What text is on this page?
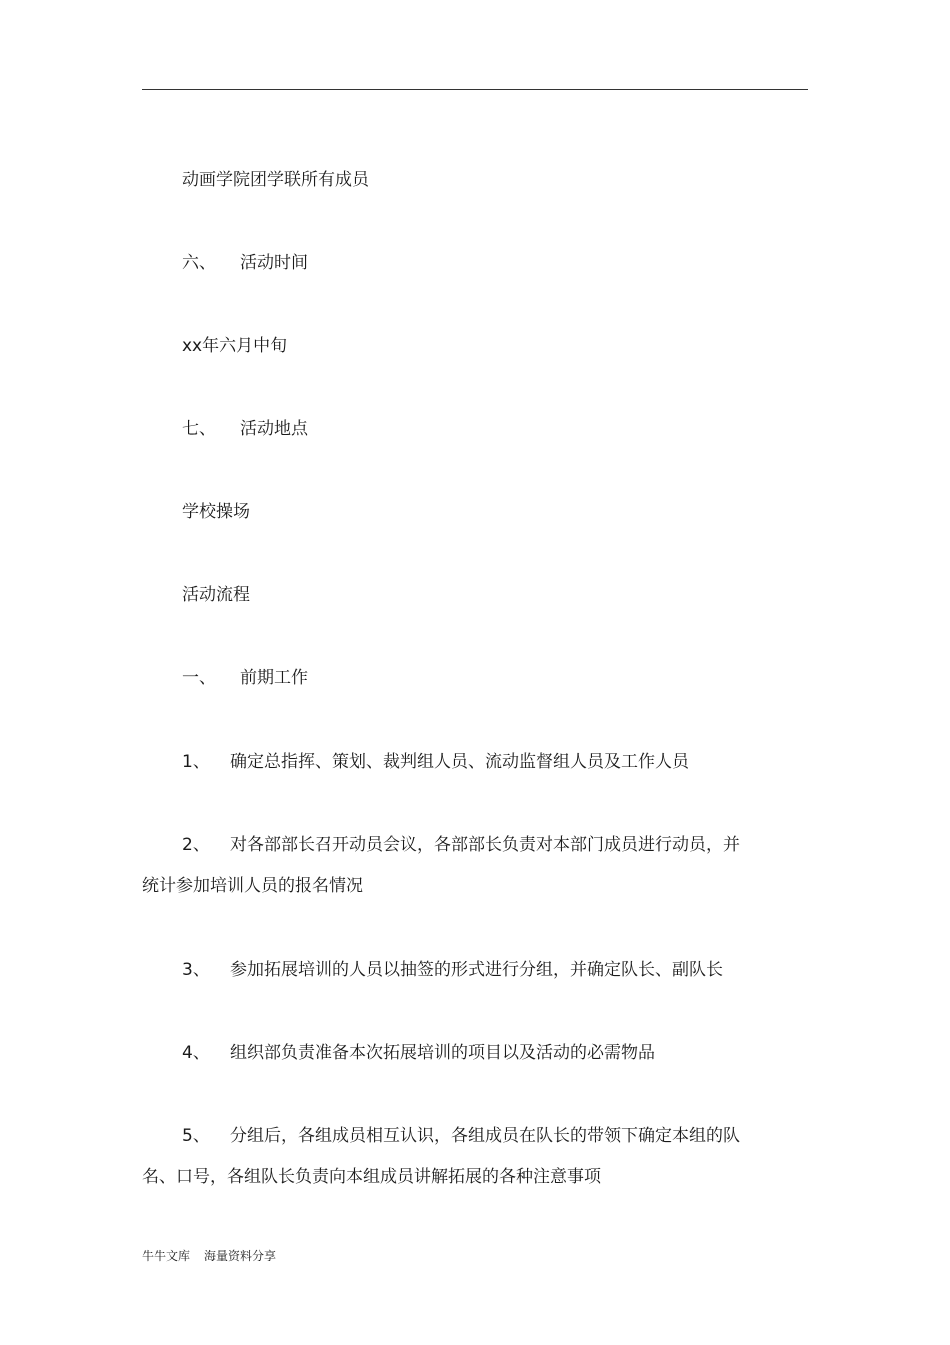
动画学院团学联所有成员
六、 活动时间
xx年六月中旬
七、 活动地点
学校操场
活动流程
一、 前期工作
1、 确定总指挥、策划、裁判组人员、流动监督组人员及工作人员
2、 对各部部长召开动员会议，各部部长负责对本部门成员进行动员，并
统计参加培训人员的报名情况
3、 参加拓展培训的人员以抽签的形式进行分组，并确定队长、副队长
4、 组织部负责准备本次拓展培训的项目以及活动的必需物品
5、 分组后，各组成员相互认识，各组成员在队长的带领下确定本组的队
名、口号，各组队长负责向本组成员讲解拓展的各种注意事项
牛牛文库 海量资料分享
